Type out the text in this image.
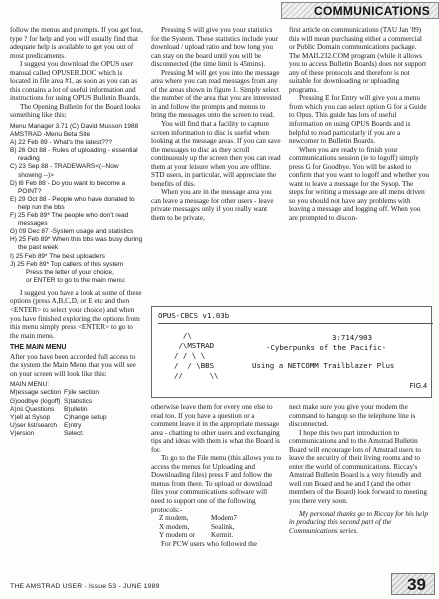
COMMUNICATIONS

follow the menus and prompts. If you get lost, type ? for help and you will usually find that adequate help is available to get you out of most predicaments.

I suggest you download the OPUS user manual called OPUSER.DOC which is located in file area #1, as soon as you can as this contains a lot of useful information and instructions for using OPUS Bulletin Boards.

The Opening Bulletin for the Board looks something like this:

Menu Manager 3.71 (C) David Musson 1988

AMSTRAD -Menu Beta Site

A) 22 Feb 89 - What's the latest???

B) 26 Oct 88 - Rules of uploading - essential reading

C) 23 Sep 88 - TRADEWARS<(--Now showing --)>

D) l8 Feb 88 - Do you want to become a POINT?

E) 29 Oct 88 - People who have donated to help run the bbs

F) 25 Feb 89* The people who don't read messages

G) 09 Dec 87 -System usage and statistics

H) 25 Feb 89* When this bbs was busy during the past week

I) 25 Feb 89* The best uploaders

J) 25 Feb 89* Top callers of this system

Press the letter of your choice,

or ENTER to go to the main menu:

I suggest you have a look at some of these options (press A,B,C,D, or E etc and then <ENTER> to select your choice) and when you have finished exploring the options from this menu simply press <ENTER> to go to the main menu.

THE MAIN MENU

After you have been accorded full access to the system the Main Menu that you will see on your screen will look like this:

MAIN MENU:

M)essage section F)ile section
G)oodbye (logoff) S)tatistics
A)ns Questions	B)ulletin
Y)ell at Sysop	C)hange setup
U)ser list/search	E)ntry
V)ersion	Select:

Pressing S will give you your statistics for the System. These statistics include your download / upload ratio and how long you can stay on the board until you will be disconnected (the time limit is 45mins).

Pressing M will get you into the message area where you can read messages from any of the areas shown in figure 1. Simply select the number of the area that you are interested in and follow the prompts and menus to bring the messages onto the screen to read.

You will find that a facility to capture screen information to disc is useful when looking at the message areas. If you can save the messages to disc as they scroll continuously up the screen then you can read them at your leisure when you are offline. STD users, in particular, will appreciate the benefits of this.

When you are in the message area you can leave a message for other users - leave private messages only if you really want them to be private,

first article on communications (TAU Jan '89) this will mean purchasing either a commercial or Public Domain communications package. The MAIL232.COM program (while it allows you to access Bulletin Boards) does not support any of these protocols and therefore is not suitable for downloading or uploading programs.

Pressing E for Entry will give you a menu from which you can select option G for a Guide to Opus. This guide has lots of useful information on using OPUS Boards and is helpful to read particularly if you are a newcomer to Bulletin Boards.

When you are ready to finish your communications session (ie to logoff) simply press G for Goodbye. You will be asked to confirm that you want to logoff and whether you want to leave a message for the Sysop. The steps for writing a message are all menu driven so you should not have any problems with leaving a message and logging off. When you are prompted to discon-

OPUS-CBCS v1.03b
/\
/\MSTRAD
/ / \ \
/  / \BBS
//      \\
3:714/903
-Cyberpunks of the Pacific-
Using a NETCOMM Trailblazer Plus
FIG.4

otherwise leave them for every one else to read too. If you have a question or a comment leave it in the appropriate message area - chatting to other users and exchanging tips and ideas with them is what the Board is for.

To go to the File menu (this allows you to access the menus for Uploading and Downloading files) press F and follow the menus from there. To upload or download files your communications software will need to support one of the following protocols:-

Z modem,	Modem7
X modem,	Sealink,
Y modem or	Kermit.

For PCW users who followed the

nect make sure you give your modem the command to hangup so the telephone line is disconnected.

I hope this two part introduction to communications and to the Amstrad Bulletin Board will encourage lots of Amstrad users to leave the security of their living rooms and to enter the world of communications. Riccay's Amstrad Bulletin Board is a very friendly and well run Board and he and I (and the other members of the Board) look forward to meeting you there very soon.

My personal thanks go to Riccay for his help in producing this second part of the Communications series.

THE AMSTRAD USER - Issue 53 - JUNE 1989	39
